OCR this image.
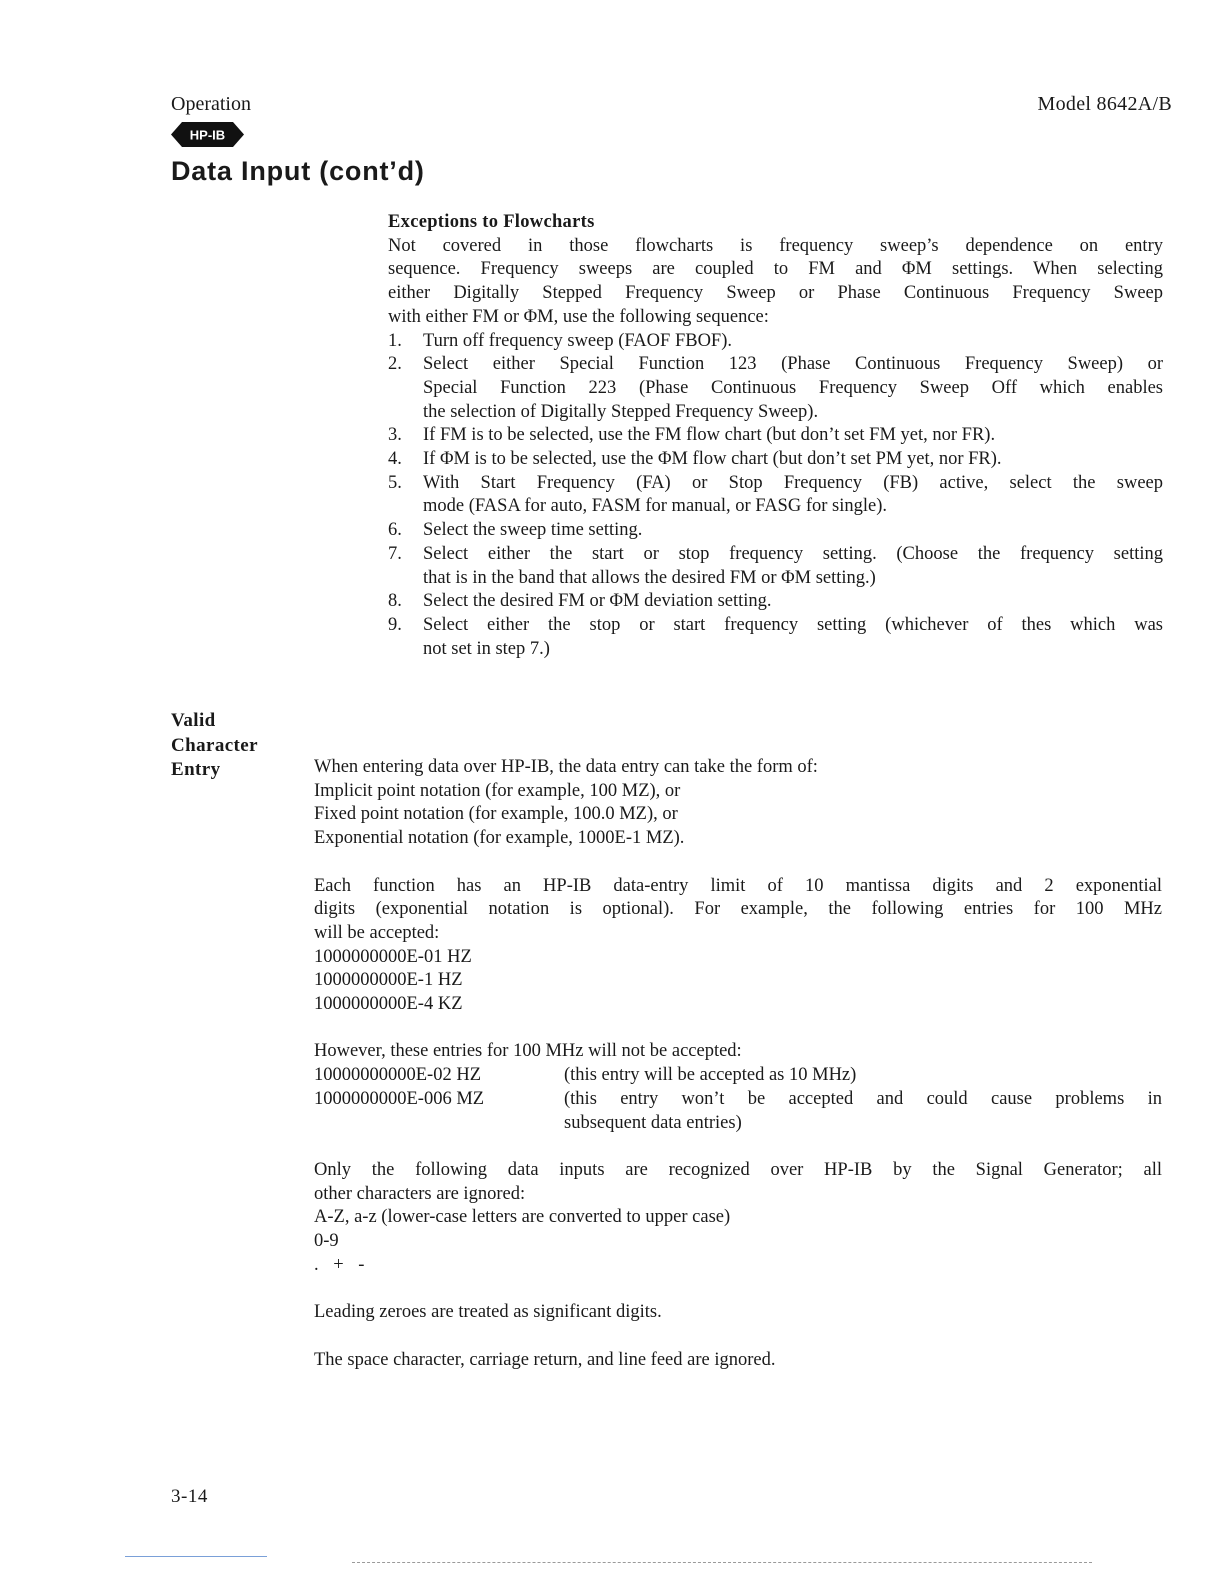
Operation	Model 8642A/B
HP-IB
Data Input (cont’d)
Exceptions to Flowcharts
Not covered in those flowcharts is frequency sweep’s dependence on entry
sequence. Frequency sweeps are coupled to FM and ΦM settings. When selecting
either Digitally Stepped Frequency Sweep or Phase Continuous Frequency Sweep
with either FM or ΦM, use the following sequence:
1. Turn off frequency sweep (FAOF FBOF).
2. Select either Special Function 123 (Phase Continuous Frequency Sweep) or
Special Function 223 (Phase Continuous Frequency Sweep Off which enables
the selection of Digitally Stepped Frequency Sweep).
3. If FM is to be selected, use the FM flow chart (but don’t set FM yet, nor FR).
4. If ΦM is to be selected, use the ΦM flow chart (but don’t set PM yet, nor FR).
5. With Start Frequency (FA) or Stop Frequency (FB) active, select the sweep
mode (FASA for auto, FASM for manual, or FASG for single).
6. Select the sweep time setting.
7. Select either the start or stop frequency setting. (Choose the frequency setting
that is in the band that allows the desired FM or ΦM setting.)
8. Select the desired FM or ΦM deviation setting.
9. Select either the stop or start frequency setting (whichever of thes which was
not set in step 7.)
Valid
Character
Entry	When entering data over HP-IB, the data entry can take the form of:
Implicit point notation (for example, 100 MZ), or
Fixed point notation (for example, 100.0 MZ), or
Exponential notation (for example, 1000E-1 MZ).
Each function has an HP-IB data-entry limit of 10 mantissa digits and 2 exponential
digits (exponential notation is optional). For example, the following entries for 100 MHz
will be accepted:
1000000000E-01 HZ
1000000000E-1 HZ
1000000000E-4 KZ
However, these entries for 100 MHz will not be accepted:
10000000000E-02 HZ	(this entry will be accepted as 10 MHz)
1000000000E-006 MZ	(this entry won’t be accepted and could cause problems in
subsequent data entries)
Only the following data inputs are recognized over HP-IB by the Signal Generator; all
other characters are ignored:
A-Z, a-z (lower-case letters are converted to upper case)
0-9
. + -
Leading zeroes are treated as significant digits.
The space character, carriage return, and line feed are ignored.
3-14
